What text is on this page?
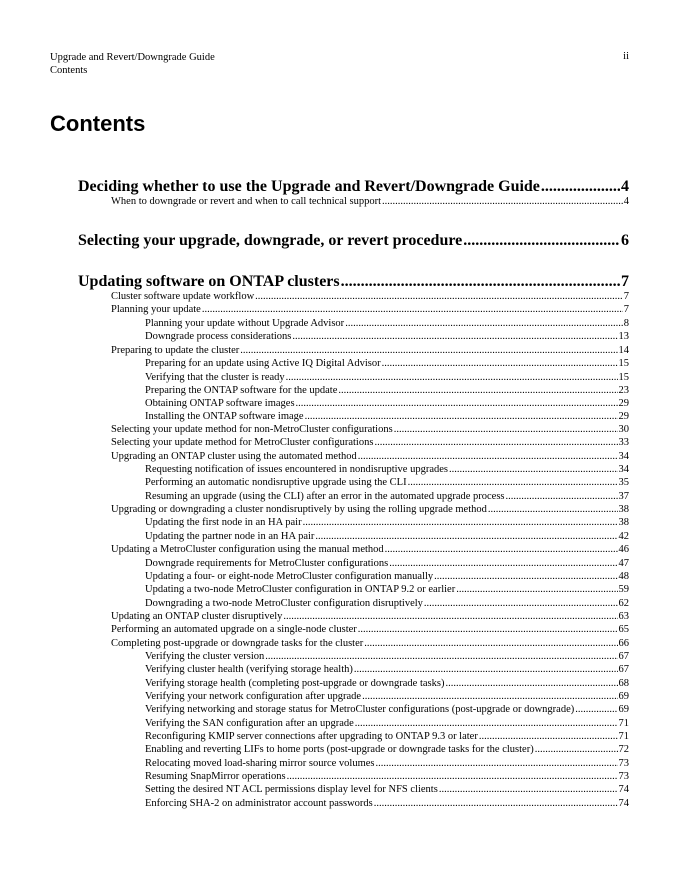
Upgrade and Revert/Downgrade Guide
Contents
ii
Contents
Deciding whether to use the Upgrade and Revert/Downgrade Guide .....	4
When to downgrade or revert and when to call technical support .....	4
Selecting your upgrade, downgrade, or revert procedure .....	6
Updating software on ONTAP clusters .....	7
Cluster software update workflow .....	7
Planning your update .....	7
Planning your update without Upgrade Advisor .....	8
Downgrade process considerations .....	13
Preparing to update the cluster .....	14
Preparing for an update using Active IQ Digital Advisor .....	15
Verifying that the cluster is ready .....	15
Preparing the ONTAP software for the update .....	23
Obtaining ONTAP software images .....	29
Installing the ONTAP software image .....	29
Selecting your update method for non-MetroCluster configurations .....	30
Selecting your update method for MetroCluster configurations .....	33
Upgrading an ONTAP cluster using the automated method .....	34
Requesting notification of issues encountered in nondisruptive upgrades .....	34
Performing an automatic nondisruptive upgrade using the CLI .....	35
Resuming an upgrade (using the CLI) after an error in the automated upgrade process .....	37
Upgrading or downgrading a cluster nondisruptively by using the rolling upgrade method .....	38
Updating the first node in an HA pair .....	38
Updating the partner node in an HA pair .....	42
Updating a MetroCluster configuration using the manual method .....	46
Downgrade requirements for MetroCluster configurations .....	47
Updating a four- or eight-node MetroCluster configuration manually .....	48
Updating a two-node MetroCluster configuration in ONTAP 9.2 or earlier .....	59
Downgrading a two-node MetroCluster configuration disruptively .....	62
Updating an ONTAP cluster disruptively .....	63
Performing an automated upgrade on a single-node cluster .....	65
Completing post-upgrade or downgrade tasks for the cluster .....	66
Verifying the cluster version .....	67
Verifying cluster health (verifying storage health) .....	67
Verifying storage health (completing post-upgrade or downgrade tasks) .....	68
Verifying your network configuration after upgrade .....	69
Verifying networking and storage status for MetroCluster configurations (post-upgrade or downgrade) .....	69
Verifying the SAN configuration after an upgrade .....	71
Reconfiguring KMIP server connections after upgrading to ONTAP 9.3 or later .....	71
Enabling and reverting LIFs to home ports (post-upgrade or downgrade tasks for the cluster) .....	72
Relocating moved load-sharing mirror source volumes .....	73
Resuming SnapMirror operations .....	73
Setting the desired NT ACL permissions display level for NFS clients .....	74
Enforcing SHA-2 on administrator account passwords .....	74
